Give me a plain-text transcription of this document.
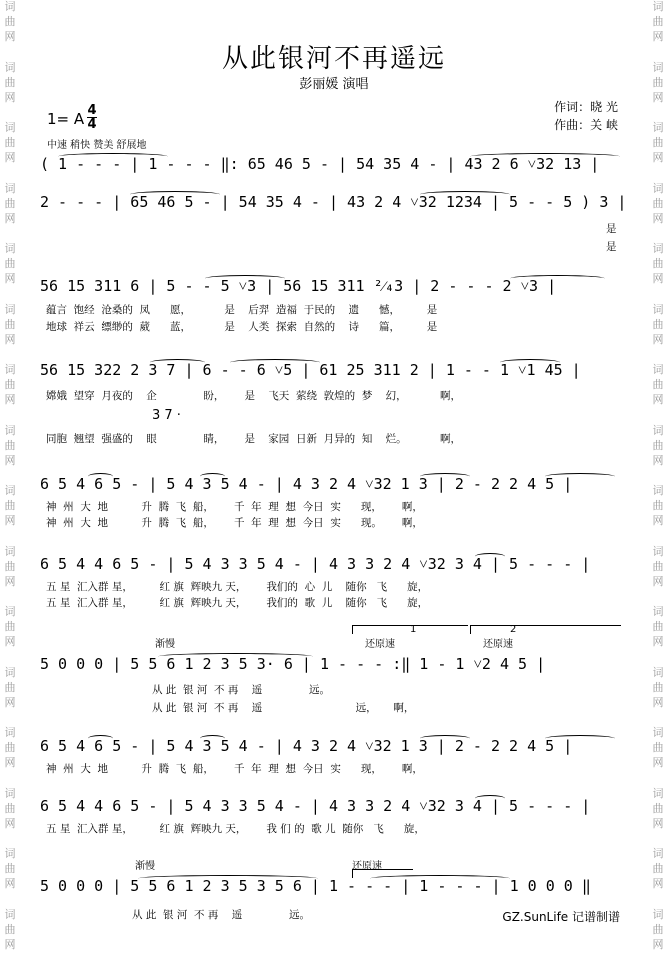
词
曲
网
词
曲
网
词
曲
网
词
曲
网
词
曲
网
词
曲
网
词
曲
网
词
曲
网
词
曲
网
词
曲
网
词
曲
网
词
曲
网
词
曲
网
词
曲
网
词
曲
网
词
曲
网
词
曲
网
词
曲
网
词
曲
网
词
曲
网
词
曲
网
词
曲
网
词
曲
网
词
曲
网
词
曲
网
词
曲
网
词
曲
网
词
曲
网
词
曲
网
词
曲
网
词
曲
网
词
曲
网
从此银河不再遥远
彭丽媛 演唱
作词：晓 光
作曲：关 峡
1= A 4
4
中速 稍快 赞美 舒展地
( 1 - - - | 1 - - - ‖: 65 46 5 - | 54 35 4 - | 43 2 6 ˅32 13 |
2 - - - | 65 46 5 - | 54 35 4 - | 43 2 4 ˅32 1234 | 5 - - 5 ) 3 |
是
是
56 15 311 6 | 5 - - 5 ˅3 | 56 15 311 ²⁄₄3 | 2 - - - 2 ˅3 |
蕴言  饱经  沧桑的  凤      愿，          是    后羿  造福  于民的    遗      憾，        是
地球  祥云  缥缈的  葳      蓝，          是    人类  探索  自然的    诗      篇，        是
56 15 322 2 3 7 | 6 - - 6 ˅5 | 61 25 311 2 | 1 - - 1 ˅1 45 |
嫦娥  望穿  月夜的    企              盼，      是    飞天  萦绕  敦煌的  梦    幻，          啊，
同胞  翘望  强盛的    眼              睛，      是    家园  日新  月异的  知    烂。          啊，
3 7 ·
6 5 4 6 5 - | 5 4 3 5 4 - | 4 3 2 4 ˅32 1 3 | 2 - 2 2 4 5 |
神  州  大  地          升  腾  飞  船，      千  年  理  想  今日  实      现，      啊，
神  州  大  地          升  腾  飞  船，      千  年  理  想  今日  实      现。      啊，
6 5 4 4 6 5 - | 5 4 3 3 5 4 - | 4 3 3 2 4 ˅32 3 4 | 5 - - - |
五 星  汇入群 星，        红 旗  辉映九 天，      我们的  心  儿    随你   飞      旋，
五 星  汇入群 星，        红 旗  辉映九 天，      我们的  歌  儿    随你   飞      旋，
渐慢
1
还原速
2
还原速
5 0 0 0 | 5 5 6 1 2 3 5 3· 6 | 1 - - - :‖ 1 - 1 ˅2 4 5 |
从 此  银 河  不 再    遥              远。
从 此  银 河  不 再    遥                            远，     啊，
6 5 4 6 5 - | 5 4 3 5 4 - | 4 3 2 4 ˅32 1 3 | 2 - 2 2 4 5 |
神  州  大  地          升  腾  飞  船，      千  年  理  想  今日  实      现，      啊，
6 5 4 4 6 5 - | 5 4 3 3 5 4 - | 4 3 3 2 4 ˅32 3 4 | 5 - - - |
五 星  汇入群 星，        红 旗  辉映九 天，      我 们 的  歌 儿  随你   飞      旋，
渐慢	还原速
5 0 0 0 | 5 5 6 1 2 3 5 3 5 6 | 1 - - - | 1 - - - | 1 0 0 0 ‖
从 此  银 河  不 再    遥              远。	GZ.SunLife 记谱制谱
